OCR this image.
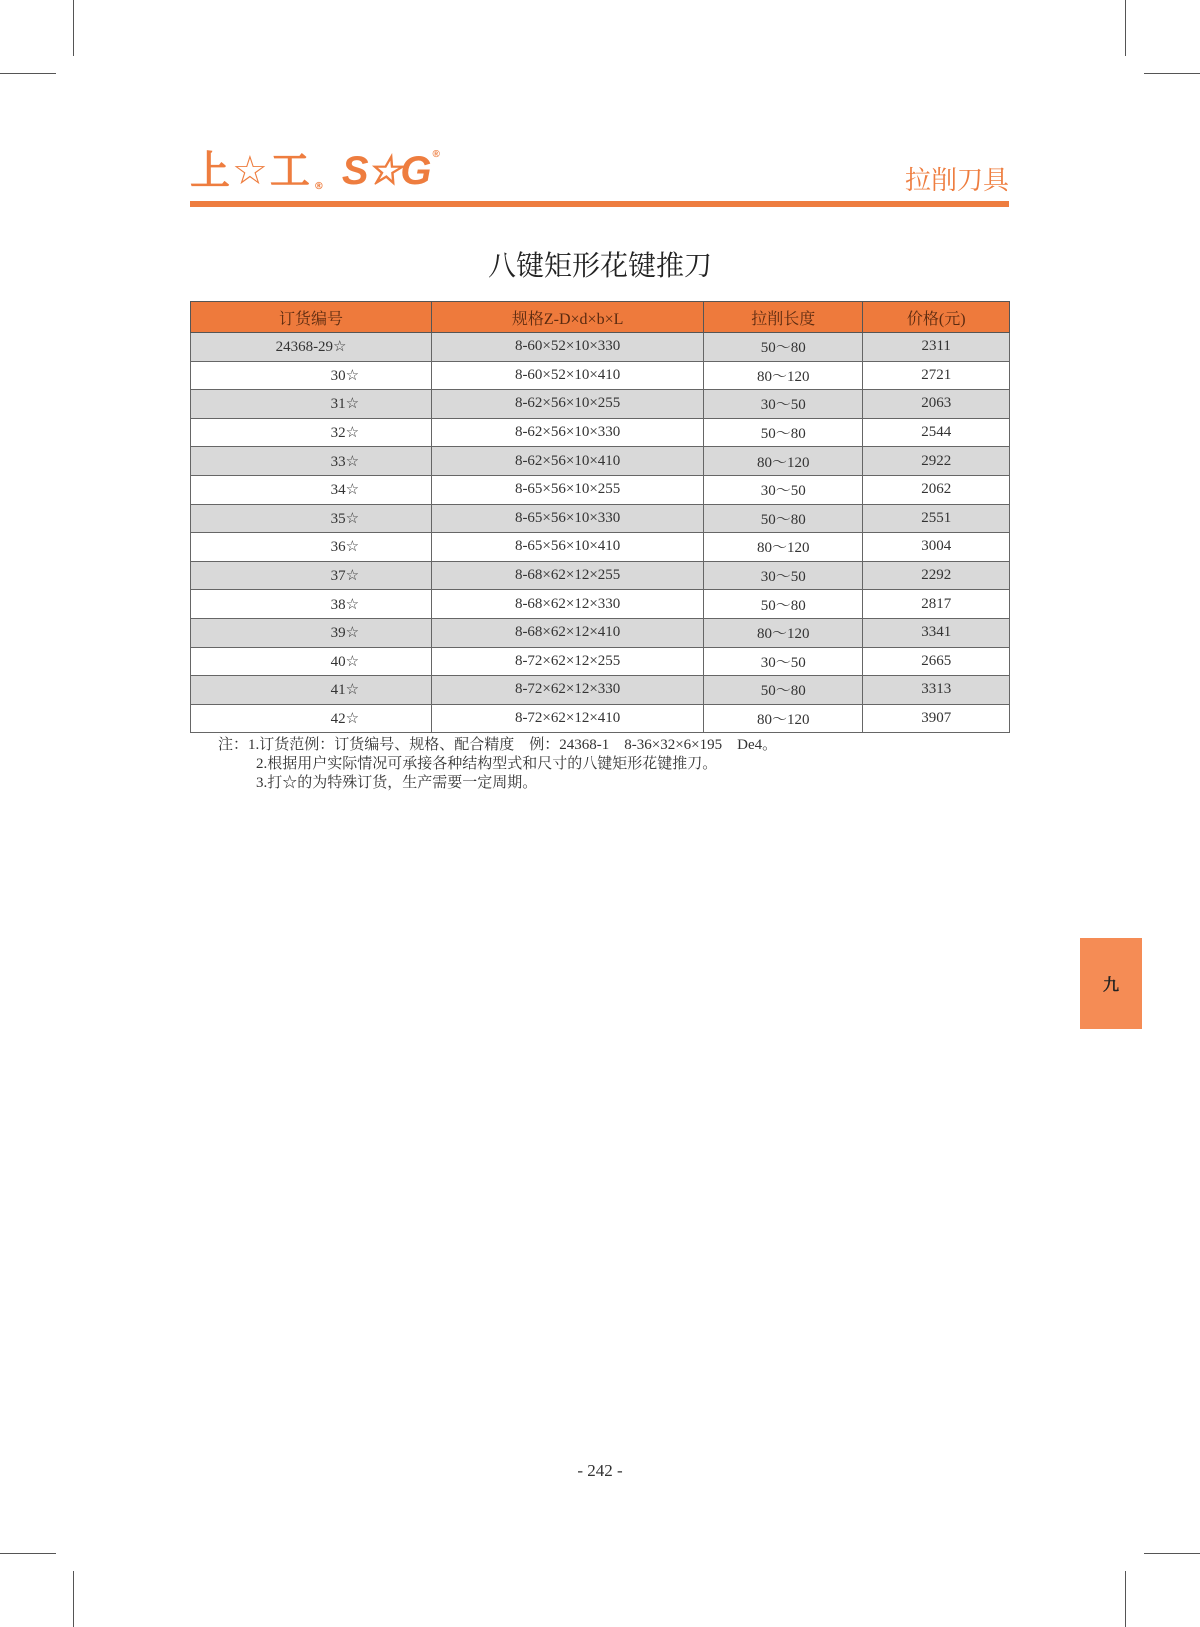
上☆工 ® S☆G ®
拉削刀具
八键矩形花键推刀
订货编号	规格Z-D×d×b×L	拉削长度	价格(元)
24368-29☆	8-60×52×10×330	50～80	2311
30☆	8-60×52×10×410	80～120	2721
31☆	8-62×56×10×255	30～50	2063
32☆	8-62×56×10×330	50～80	2544
33☆	8-62×56×10×410	80～120	2922
34☆	8-65×56×10×255	30～50	2062
35☆	8-65×56×10×330	50～80	2551
36☆	8-65×56×10×410	80～120	3004
37☆	8-68×62×12×255	30～50	2292
38☆	8-68×62×12×330	50～80	2817
39☆	8-68×62×12×410	80～120	3341
40☆	8-72×62×12×255	30～50	2665
41☆	8-72×62×12×330	50～80	3313
42☆	8-72×62×12×410	80～120	3907
注：1.订货范例：订货编号、规格、配合精度　例：24368-1　8-36×32×6×195　De4。
2.根据用户实际情况可承接各种结构型式和尺寸的八键矩形花键推刀。
3.打☆的为特殊订货，生产需要一定周期。
九
- 242 -
